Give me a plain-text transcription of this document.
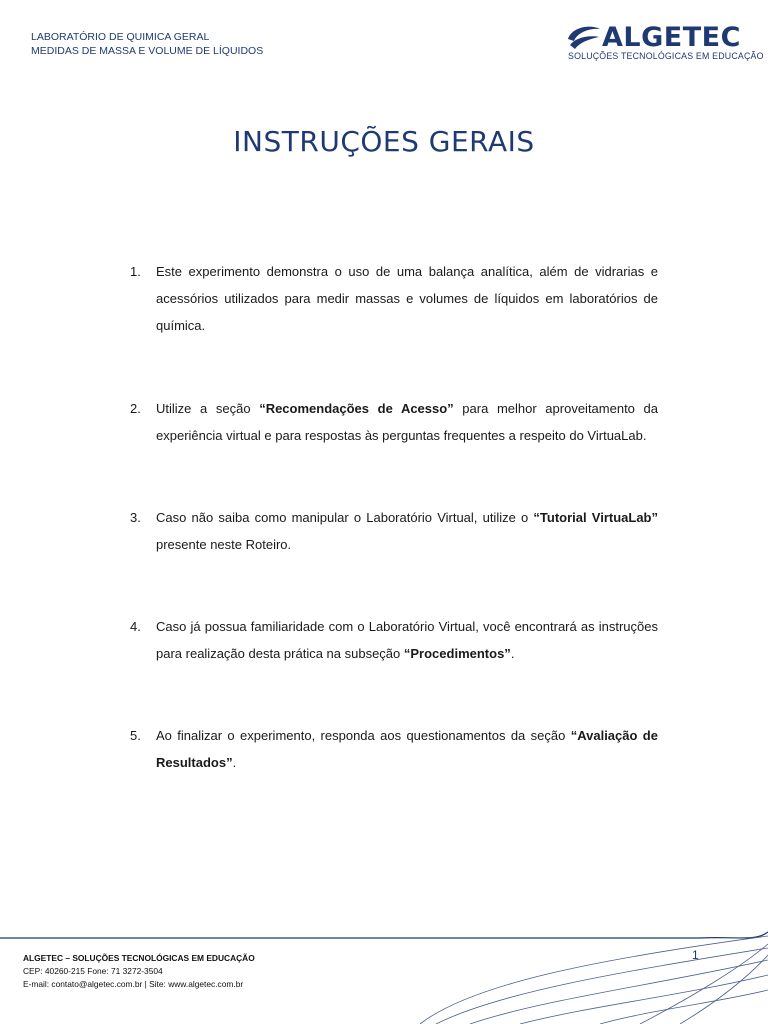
LABORATÓRIO DE QUIMICA GERAL
MEDIDAS DE MASSA E VOLUME DE LÍQUIDOS	ALGETEC
SOLUÇÕES TECNOLÓGICAS EM EDUCAÇÃO
INSTRUÇÕES GERAIS
1. Este experimento demonstra o uso de uma balança analítica, além de vidrarias e acessórios utilizados para medir massas e volumes de líquidos em laboratórios de química.
2. Utilize a seção “Recomendações de Acesso” para melhor aproveitamento da experiência virtual e para respostas às perguntas frequentes a respeito do VirtuaLab.
3. Caso não saiba como manipular o Laboratório Virtual, utilize o “Tutorial VirtuaLab” presente neste Roteiro.
4. Caso já possua familiaridade com o Laboratório Virtual, você encontrará as instruções para realização desta prática na subseção “Procedimentos”.
5. Ao finalizar o experimento, responda aos questionamentos da seção “Avaliação de Resultados”.
ALGETEC – SOLUÇÕES TECNOLÓGICAS EM EDUCAÇÃO
CEP: 40260-215 Fone: 71 3272-3504
E-mail: contato@algetec.com.br | Site: www.algetec.com.br
1
